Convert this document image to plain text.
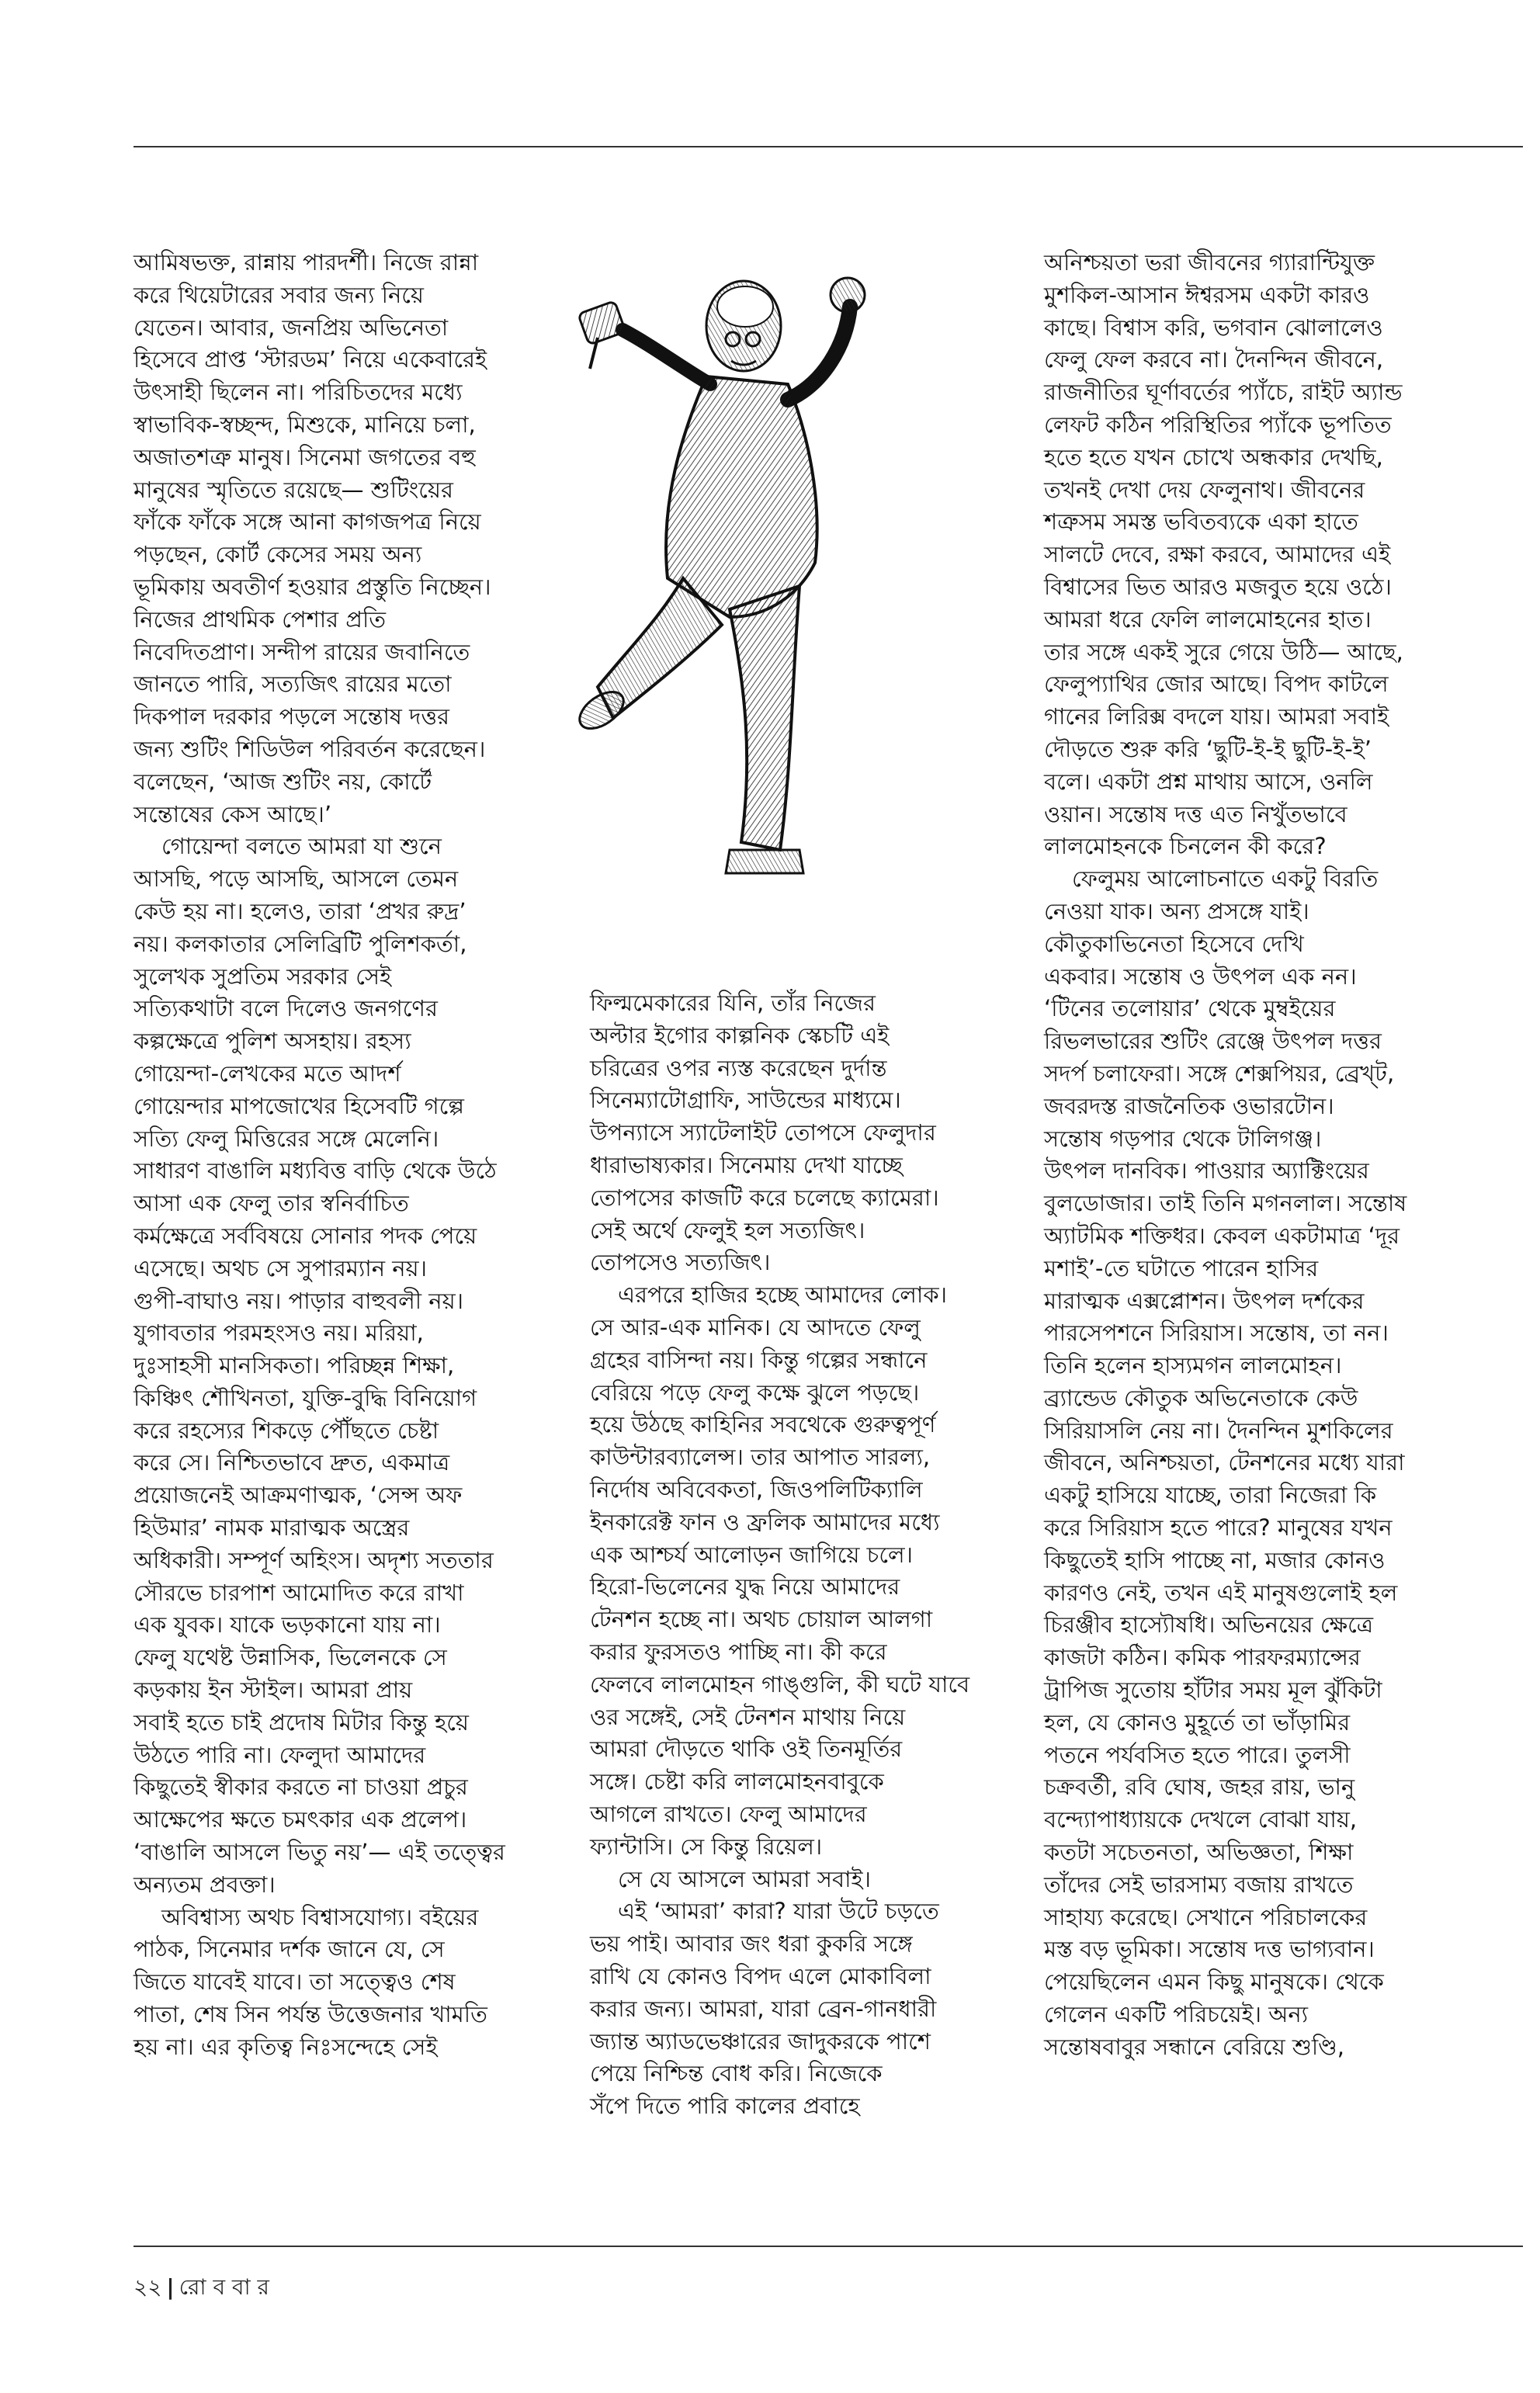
আমিষভক্ত, রান্নায় পারদর্শী। নিজে রান্না

করে থিয়েটারের সবার জন্য নিয়ে

যেতেন। আবার, জনপ্রিয় অভিনেতা

হিসেবে প্রাপ্ত ‘স্টারডম’ নিয়ে একেবারেই

উৎসাহী ছিলেন না। পরিচিতদের মধ্যে

স্বাভাবিক-স্বচ্ছন্দ, মিশুকে, মানিয়ে চলা,

অজাতশত্রু মানুষ। সিনেমা জগতের বহু

মানুষের স্মৃতিতে রয়েছে— শুটিংয়ের

ফাঁকে ফাঁকে সঙ্গে আনা কাগজপত্র নিয়ে

পড়ছেন, কোর্ট কেসের সময় অন্য

ভূমিকায় অবতীর্ণ হওয়ার প্রস্তুতি নিচ্ছেন।

নিজের প্রাথমিক পেশার প্রতি

নিবেদিতপ্রাণ। সন্দীপ রায়ের জবানিতে

জানতে পারি, সত্যজিৎ রায়ের মতো

দিকপাল দরকার পড়লে সন্তোষ দত্তর

জন্য শুটিং শিডিউল পরিবর্তন করেছেন।

বলেছেন, ‘আজ শুটিং নয়, কোর্টে

সন্তোষের কেস আছে।’

গোয়েন্দা বলতে আমরা যা শুনে

আসছি, পড়ে আসছি, আসলে তেমন

কেউ হয় না। হলেও, তারা ‘প্রখর রুদ্র’

নয়। কলকাতার সেলিব্রিটি পুলিশকর্তা,

সুলেখক সুপ্রতিম সরকার সেই

সত্যিকথাটা বলে দিলেও জনগণের

কল্পক্ষেত্রে পুলিশ অসহায়। রহস্য

গোয়েন্দা-লেখকের মতে আদর্শ

গোয়েন্দার মাপজোখের হিসেবটি গল্পে

সত্যি ফেলু মিত্তিরের সঙ্গে মেলেনি।

সাধারণ বাঙালি মধ্যবিত্ত বাড়ি থেকে উঠে

আসা এক ফেলু তার স্বনির্বাচিত

কর্মক্ষেত্রে সর্ববিষয়ে সোনার পদক পেয়ে

এসেছে। অথচ সে সুপারম্যান নয়।

গুপী-বাঘাও নয়। পাড়ার বাহুবলী নয়।

যুগাবতার পরমহংসও নয়। মরিয়া,

দুঃসাহসী মানসিকতা। পরিচ্ছন্ন শিক্ষা,

কিঞ্চিৎ শৌখিনতা, যুক্তি-বুদ্ধি বিনিয়োগ

করে রহস্যের শিকড়ে পৌঁছতে চেষ্টা

করে সে। নিশ্চিতভাবে দ্রুত, একমাত্র

প্রয়োজনেই আক্রমণাত্মক, ‘সেন্স অফ

হিউমার’ নামক মারাত্মক অস্ত্রের

অধিকারী। সম্পূর্ণ অহিংস। অদৃশ্য সততার

সৌরভে চারপাশ আমোদিত করে রাখা

এক যুবক। যাকে ভড়কানো যায় না।

ফেলু যথেষ্ট উন্নাসিক, ভিলেনকে সে

কড়কায় ইন স্টাইল। আমরা প্রায়

সবাই হতে চাই প্রদোষ মিটার কিন্তু হয়ে

উঠতে পারি না। ফেলুদা আমাদের

কিছুতেই স্বীকার করতে না চাওয়া প্রচুর

আক্ষেপের ক্ষতে চমৎকার এক প্রলেপ।

‘বাঙালি আসলে ভিতু নয়’— এই তত্ত্বের

অন্যতম প্রবক্তা।

অবিশ্বাস্য অথচ বিশ্বাসযোগ্য। বইয়ের

পাঠক, সিনেমার দর্শক জানে যে, সে

জিতে যাবেই যাবে। তা সত্ত্বেও শেষ

পাতা, শেষ সিন পর্যন্ত উত্তেজনার খামতি

হয় না। এর কৃতিত্ব নিঃসন্দেহে সেই

ফিল্মমেকারের যিনি, তাঁর নিজের

অল্টার ইগোর কাল্পনিক স্কেচটি এই

চরিত্রের ওপর ন্যস্ত করেছেন দুর্দান্ত

সিনেম্যাটোগ্রাফি, সাউন্ডের মাধ্যমে।

উপন্যাসে স্যাটেলাইট তোপসে ফেলুদার

ধারাভাষ্যকার। সিনেমায় দেখা যাচ্ছে

তোপসের কাজটি করে চলেছে ক্যামেরা।

সেই অর্থে ফেলুই হল সত্যজিৎ।

তোপসেও সত্যজিৎ।

এরপরে হাজির হচ্ছে আমাদের লোক।

সে আর-এক মানিক। যে আদতে ফেলু

গ্রহের বাসিন্দা নয়। কিন্তু গল্পের সন্ধানে

বেরিয়ে পড়ে ফেলু কক্ষে ঝুলে পড়ছে।

হয়ে উঠছে কাহিনির সবথেকে গুরুত্বপূর্ণ

কাউন্টারব্যালেন্স। তার আপাত সারল্য,

নির্দোষ অবিবেকতা, জিওপলিটিক্যালি

ইনকারেক্ট ফান ও ফ্রলিক আমাদের মধ্যে

এক আশ্চর্য আলোড়ন জাগিয়ে চলে।

হিরো-ভিলেনের যুদ্ধ নিয়ে আমাদের

টেনশন হচ্ছে না। অথচ চোয়াল আলগা

করার ফুরসতও পাচ্ছি না। কী করে

ফেলবে লালমোহন গাঙ্গুলি, কী ঘটে যাবে

ওর সঙ্গেই, সেই টেনশন মাথায় নিয়ে

আমরা দৌড়তে থাকি ওই তিনমূর্তির

সঙ্গে। চেষ্টা করি লালমোহনবাবুকে

আগলে রাখতে। ফেলু আমাদের

ফ্যান্টাসি। সে কিন্তু রিয়েল।

সে যে আসলে আমরা সবাই।

এই ‘আমরা’ কারা? যারা উটে চড়তে

ভয় পাই। আবার জং ধরা কুকরি সঙ্গে

রাখি যে কোনও বিপদ এলে মোকাবিলা

করার জন্য। আমরা, যারা ব্রেন-গানধারী

জ্যান্ত অ্যাডভেঞ্চারের জাদুকরকে পাশে

পেয়ে নিশ্চিন্ত বোধ করি। নিজেকে

সঁপে দিতে পারি কালের প্রবাহে

অনিশ্চয়তা ভরা জীবনের গ্যারান্টিযুক্ত

মুশকিল-আসান ঈশ্বরসম একটা কারও

কাছে। বিশ্বাস করি, ভগবান ঝোলালেও

ফেলু ফেল করবে না। দৈনন্দিন জীবনে,

রাজনীতির ঘূর্ণাবর্তের প্যাঁচে, রাইট অ্যান্ড

লেফট কঠিন পরিস্থিতির প্যাঁকে ভূপতিত

হতে হতে যখন চোখে অন্ধকার দেখছি,

তখনই দেখা দেয় ফেলুনাথ। জীবনের

শত্রুসম সমস্ত ভবিতব্যকে একা হাতে

সালটে দেবে, রক্ষা করবে, আমাদের এই

বিশ্বাসের ভিত আরও মজবুত হয়ে ওঠে।

আমরা ধরে ফেলি লালমোহনের হাত।

তার সঙ্গে একই সুরে গেয়ে উঠি— আছে,

ফেলুপ্যাথির জোর আছে। বিপদ কাটলে

গানের লিরিক্স বদলে যায়। আমরা সবাই

দৌড়তে শুরু করি ‘ছুটি-ই-ই ছুটি-ই-ই’

বলে। একটা প্রশ্ন মাথায় আসে, ওনলি

ওয়ান। সন্তোষ দত্ত এত নিখুঁতভাবে

লালমোহনকে চিনলেন কী করে?

ফেলুময় আলোচনাতে একটু বিরতি

নেওয়া যাক। অন্য প্রসঙ্গে যাই।

কৌতুকাভিনেতা হিসেবে দেখি

একবার। সন্তোষ ও উৎপল এক নন।

‘টিনের তলোয়ার’ থেকে মুম্বইয়ের

রিভলভারের শুটিং রেঞ্জে উৎপল দত্তর

সদর্প চলাফেরা। সঙ্গে শেক্সপিয়র, ব্রেখ্‌ট,

জবরদস্ত রাজনৈতিক ওভারটোন।

সন্তোষ গড়পার থেকে টালিগঞ্জ।

উৎপল দানবিক। পাওয়ার অ্যাক্টিংয়ের

বুলডোজার। তাই তিনি মগনলাল। সন্তোষ

অ্যাটমিক শক্তিধর। কেবল একটামাত্র ‘দূর

মশাই’-তে ঘটাতে পারেন হাসির

মারাত্মক এক্সপ্লোশন। উৎপল দর্শকের

পারসেপশনে সিরিয়াস। সন্তোষ, তা নন।

তিনি হলেন হাস্যমগন লালমোহন।

ব্র্যান্ডেড কৌতুক অভিনেতাকে কেউ

সিরিয়াসলি নেয় না। দৈনন্দিন মুশকিলের

জীবনে, অনিশ্চয়তা, টেনশনের মধ্যে যারা

একটু হাসিয়ে যাচ্ছে, তারা নিজেরা কি

করে সিরিয়াস হতে পারে? মানুষের যখন

কিছুতেই হাসি পাচ্ছে না, মজার কোনও

কারণও নেই, তখন এই মানুষগুলোই হল

চিরঞ্জীব হাস্যৌষধি। অভিনয়ের ক্ষেত্রে

কাজটা কঠিন। কমিক পারফরম্যান্সের

ট্রাপিজ সুতোয় হাঁটার সময় মূল ঝুঁকিটা

হল, যে কোনও মুহূর্তে তা ভাঁড়ামির

পতনে পর্যবসিত হতে পারে। তুলসী

চক্রবর্তী, রবি ঘোষ, জহর রায়, ভানু

বন্দ্যোপাধ্যায়কে দেখলে বোঝা যায়,

কতটা সচেতনতা, অভিজ্ঞতা, শিক্ষা

তাঁদের সেই ভারসাম্য বজায় রাখতে

সাহায্য করেছে। সেখানে পরিচালকের

মস্ত বড় ভূমিকা। সন্তোষ দত্ত ভাগ্যবান।

পেয়েছিলেন এমন কিছু মানুষকে। থেকে

গেলেন একটি পরিচয়েই। অন্য

সন্তোষবাবুর সন্ধানে বেরিয়ে শুণ্ডি,

২২ | রো ব বা র
